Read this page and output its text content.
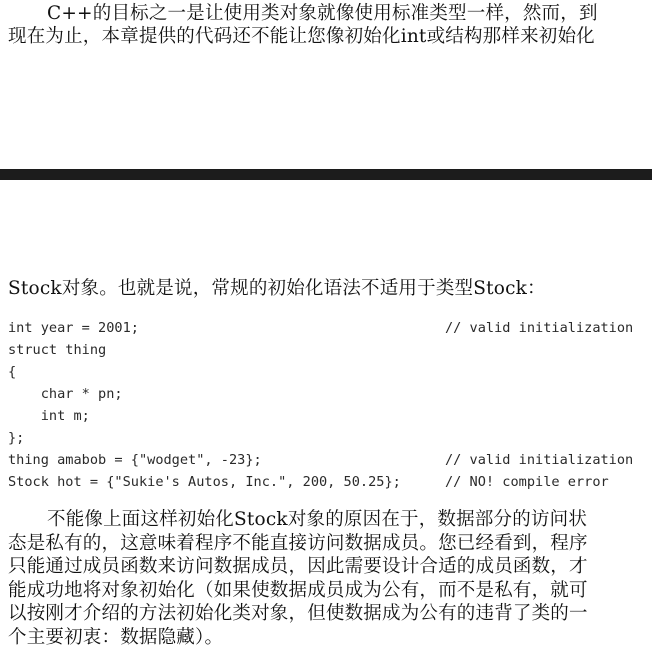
C++的目标之一是让使用类对象就像使用标准类型一样，然而，到
现在为止，本章提供的代码还不能让您像初始化int或结构那样来初始化

Stock对象。也就是说，常规的初始化语法不适用于类型Stock：

int year = 2001;	// valid initialization
struct thing
{
char * pn;
int m;
};
thing amabob = {"wodget", -23};	// valid initialization
Stock hot = {"Sukie's Autos, Inc.", 200, 50.25};	// NO! compile error

不能像上面这样初始化Stock对象的原因在于，数据部分的访问状
态是私有的，这意味着程序不能直接访问数据成员。您已经看到，程序
只能通过成员函数来访问数据成员，因此需要设计合适的成员函数，才
能成功地将对象初始化（如果使数据成员成为公有，而不是私有，就可
以按刚才介绍的方法初始化类对象，但使数据成为公有的违背了类的一
个主要初衷：数据隐藏）。
